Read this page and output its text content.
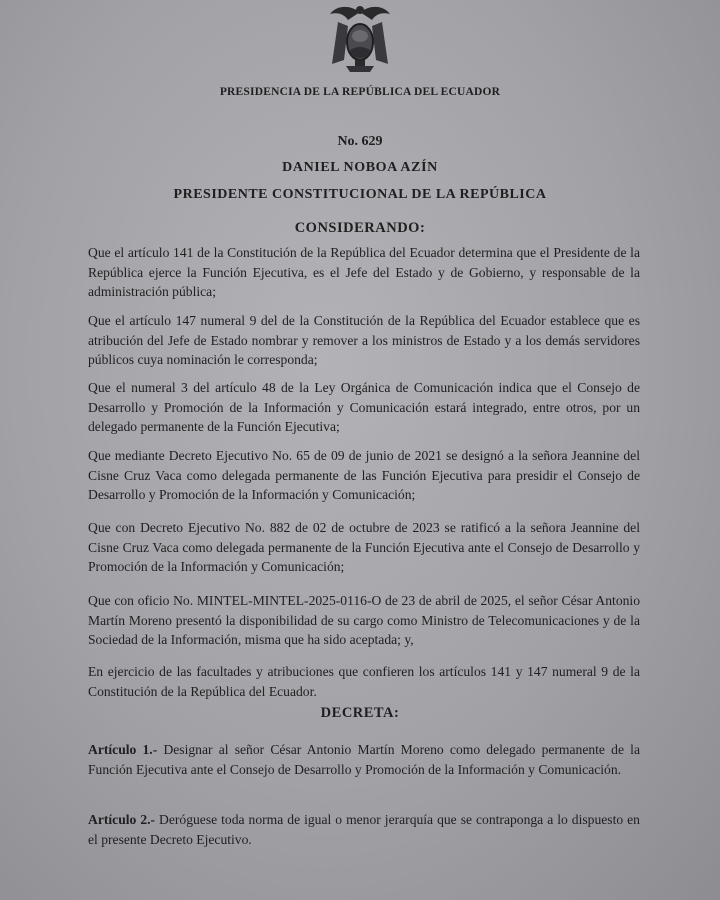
PRESIDENCIA DE LA REPÚBLICA DEL ECUADOR
No. 629
DANIEL NOBOA AZÍN
PRESIDENTE CONSTITUCIONAL DE LA REPÚBLICA
CONSIDERANDO:
Que el artículo 141 de la Constitución de la República del Ecuador determina que el Presidente de la República ejerce la Función Ejecutiva, es el Jefe del Estado y de Gobierno, y responsable de la administración pública;
Que el artículo 147 numeral 9 del de la Constitución de la República del Ecuador establece que es atribución del Jefe de Estado nombrar y remover a los ministros de Estado y a los demás servidores públicos cuya nominación le corresponda;
Que el numeral 3 del artículo 48 de la Ley Orgánica de Comunicación indica que el Consejo de Desarrollo y Promoción de la Información y Comunicación estará integrado, entre otros, por un delegado permanente de la Función Ejecutiva;
Que mediante Decreto Ejecutivo No. 65 de 09 de junio de 2021 se designó a la señora Jeannine del Cisne Cruz Vaca como delegada permanente de las Función Ejecutiva para presidir el Consejo de Desarrollo y Promoción de la Información y Comunicación;
Que con Decreto Ejecutivo No. 882 de 02 de octubre de 2023 se ratificó a la señora Jeannine del Cisne Cruz Vaca como delegada permanente de la Función Ejecutiva ante el Consejo de Desarrollo y Promoción de la Información y Comunicación;
Que con oficio No. MINTEL-MINTEL-2025-0116-O de 23 de abril de 2025, el señor César Antonio Martín Moreno presentó la disponibilidad de su cargo como Ministro de Telecomunicaciones y de la Sociedad de la Información, misma que ha sido aceptada; y,
En ejercicio de las facultades y atribuciones que confieren los artículos 141 y 147 numeral 9 de la Constitución de la República del Ecuador.
DECRETA:
Artículo 1.- Designar al señor César Antonio Martín Moreno como delegado permanente de la Función Ejecutiva ante el Consejo de Desarrollo y Promoción de la Información y Comunicación.
Artículo 2.- Deróguese toda norma de igual o menor jerarquía que se contraponga a lo dispuesto en el presente Decreto Ejecutivo.
